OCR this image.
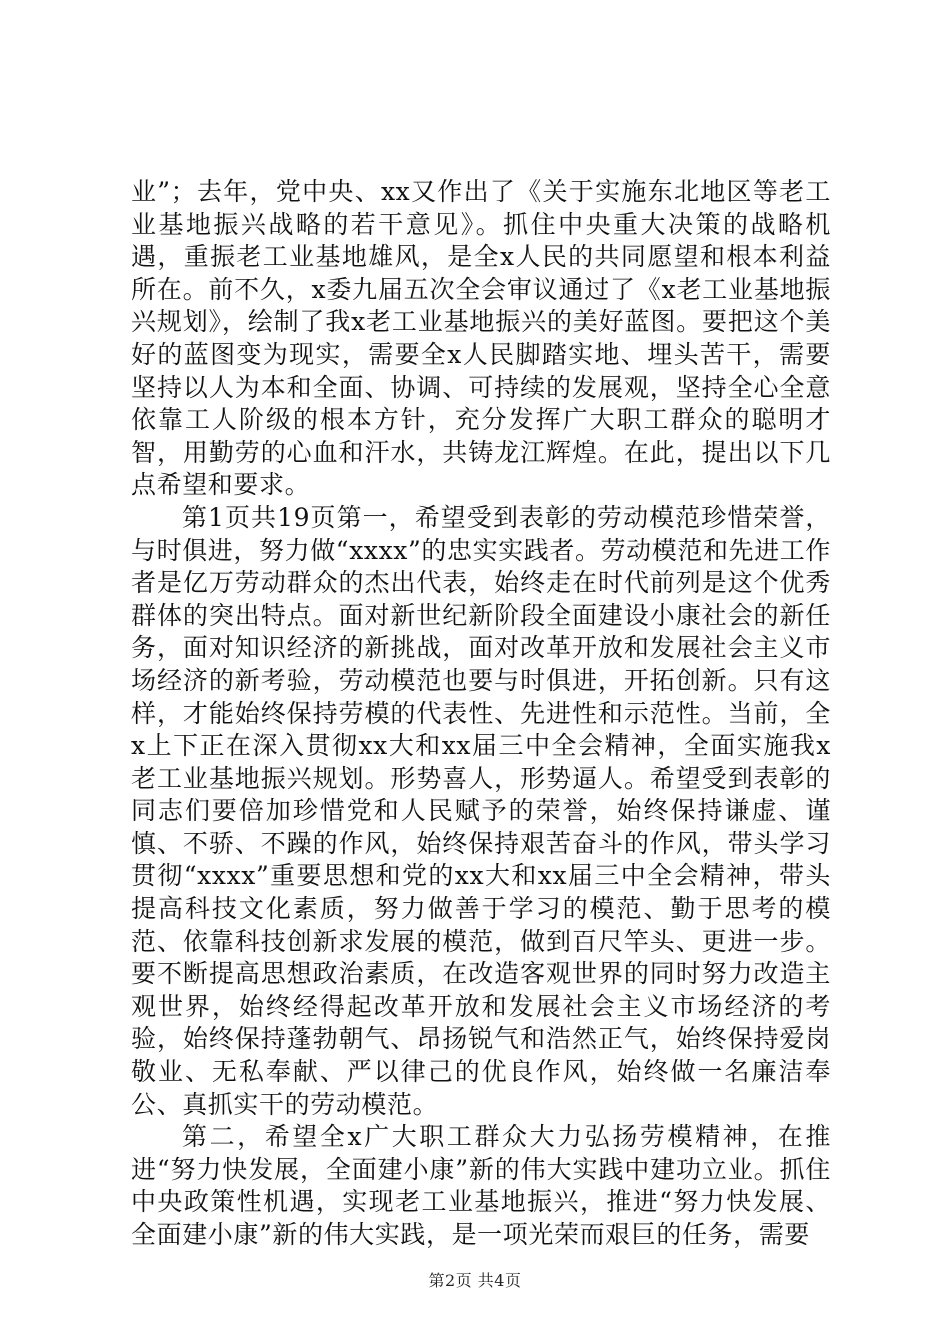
业”；去年，党中央、xx又作出了《关于实施东北地区等老工业基地振兴战略的若干意见》。抓住中央重大决策的战略机遇，重振老工业基地雄风，是全x人民的共同愿望和根本利益所在。前不久，x委九届五次全会审议通过了《x老工业基地振兴规划》，绘制了我x老工业基地振兴的美好蓝图。要把这个美好的蓝图变为现实，需要全x人民脚踏实地、埋头苦干，需要坚持以人为本和全面、协调、可持续的发展观，坚持全心全意依靠工人阶级的根本方针，充分发挥广大职工群众的聪明才智，用勤劳的心血和汗水，共铸龙江辉煌。在此，提出以下几点希望和要求。

第1页共19页第一，希望受到表彰的劳动模范珍惜荣誉，与时俱进，努力做“xxxx”的忠实实践者。劳动模范和先进工作者是亿万劳动群众的杰出代表，始终走在时代前列是这个优秀群体的突出特点。面对新世纪新阶段全面建设小康社会的新任务，面对知识经济的新挑战，面对改革开放和发展社会主义市场经济的新考验，劳动模范也要与时俱进，开拓创新。只有这样，才能始终保持劳模的代表性、先进性和示范性。当前，全x上下正在深入贯彻xx大和xx届三中全会精神，全面实施我x老工业基地振兴规划。形势喜人，形势逼人。希望受到表彰的同志们要倍加珍惜党和人民赋予的荣誉，始终保持谦虚、谨慎、不骄、不躁的作风，始终保持艰苦奋斗的作风，带头学习贯彻“xxxx”重要思想和党的xx大和xx届三中全会精神，带头提高科技文化素质，努力做善于学习的模范、勤于思考的模范、依靠科技创新求发展的模范，做到百尺竿头、更进一步。要不断提高思想政治素质，在改造客观世界的同时努力改造主观世界，始终经得起改革开放和发展社会主义市场经济的考验，始终保持蓬勃朝气、昂扬锐气和浩然正气，始终保持爱岗敬业、无私奉献、严以律己的优良作风，始终做一名廉洁奉公、真抓实干的劳动模范。

第二，希望全x广大职工群众大力弘扬劳模精神，在推进“努力快发展，全面建小康”新的伟大实践中建功立业。抓住中央政策性机遇，实现老工业基地振兴，推进“努力快发展、全面建小康”新的伟大实践，是一项光荣而艰巨的任务，需要

第2页 共4页
